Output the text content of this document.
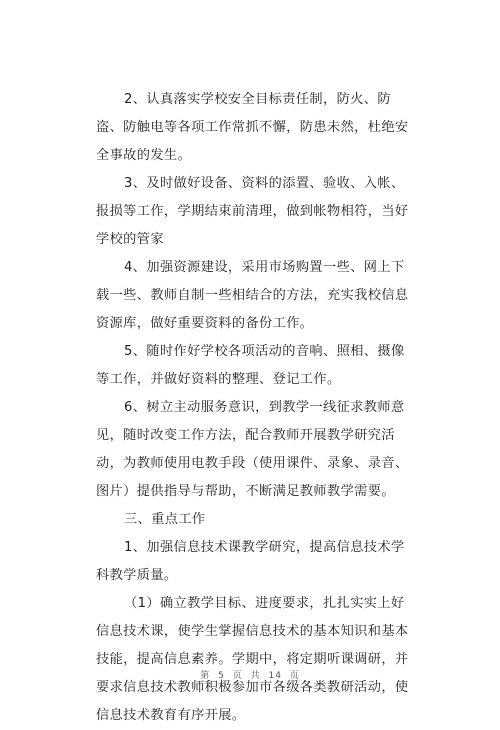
2、认真落实学校安全目标责任制，防火、防盗、防触电等各项工作常抓不懈，防患未然，杜绝安全事故的发生。

3、及时做好设备、资料的添置、验收、入帐、报损等工作，学期结束前清理，做到帐物相符，当好学校的管家

4、加强资源建设，采用市场购置一些、网上下载一些、教师自制一些相结合的方法，充实我校信息资源库，做好重要资料的备份工作。

5、随时作好学校各项活动的音响、照相、摄像等工作，并做好资料的整理、登记工作。

6、树立主动服务意识，到教学一线征求教师意见，随时改变工作方法，配合教师开展教学研究活动，为教师使用电教手段（使用课件、录象、录音、图片）提供指导与帮助，不断满足教师教学需要。

三、重点工作

1、加强信息技术课教学研究，提高信息技术学科教学质量。

（1）确立教学目标、进度要求，扎扎实实上好信息技术课，使学生掌握信息技术的基本知识和基本技能，提高信息素养。学期中，将定期听课调研，并要求信息技术教师积极参加市各级各类教研活动，使信息技术教育有序开展。

第 5 页 共 14 页
